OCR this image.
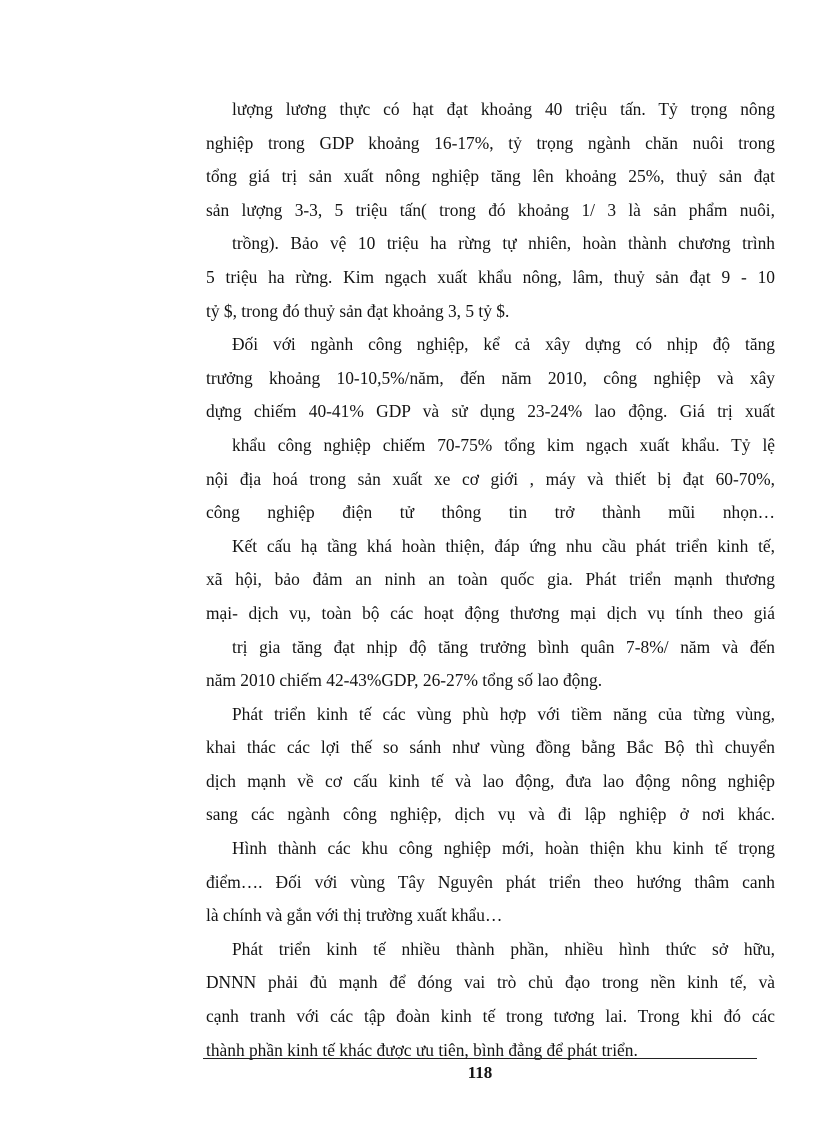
lượng lương thực có hạt đạt khoảng 40 triệu tấn. Tỷ trọng nông
nghiệp trong GDP khoảng 16-17%, tỷ trọng ngành chăn nuôi trong
tổng giá trị sản xuất nông nghiệp tăng lên khoảng 25%, thuỷ sản đạt
sản lượng 3-3, 5 triệu tấn( trong đó khoảng 1/ 3 là sản phẩm nuôi,
trồng). Bảo vệ 10 triệu ha rừng tự nhiên, hoàn thành chương trình
5 triệu ha rừng. Kim ngạch xuất khẩu nông, lâm, thuỷ sản đạt 9 - 10
tỷ $, trong đó thuỷ sản đạt khoảng 3, 5 tỷ $.
Đối với ngành công nghiệp, kể cả xây dựng có nhịp độ tăng
trưởng khoảng 10-10,5%/năm, đến năm 2010, công nghiệp và xây
dựng chiếm 40-41% GDP và sử dụng 23-24% lao động. Giá trị xuất
khẩu công nghiệp chiếm 70-75% tổng kim ngạch xuất khẩu. Tỷ lệ
nội địa hoá trong sản xuất xe cơ giới , máy và thiết bị đạt 60-70%,
công nghiệp điện tử thông tin trở thành mũi nhọn…
Kết cấu hạ tầng khá hoàn thiện, đáp ứng nhu cầu phát triển kinh tế,
xã hội, bảo đảm an ninh an toàn quốc gia. Phát triển mạnh thương
mại- dịch vụ, toàn bộ các hoạt động thương mại dịch vụ tính theo giá
trị gia tăng đạt nhịp độ tăng trưởng bình quân 7-8%/ năm và đến
năm 2010 chiếm 42-43%GDP, 26-27% tổng số lao động.
Phát triển kinh tế các vùng phù hợp với tiềm năng của từng vùng,
khai thác các lợi thế so sánh như vùng đồng bằng Bắc Bộ thì chuyển
dịch mạnh về cơ cấu kinh tế và lao động, đưa lao động nông nghiệp
sang các ngành công nghiệp, dịch vụ và đi lập nghiệp ở nơi khác.
Hình thành các khu công nghiệp mới, hoàn thiện khu kinh tế trọng
điểm…. Đối với vùng Tây Nguyên phát triển theo hướng thâm canh
là chính và gắn với thị trường xuất khẩu…
Phát triển kinh tế nhiều thành phần, nhiều hình thức sở hữu,
DNNN phải đủ mạnh để đóng vai trò chủ đạo trong nền kinh tế, và
cạnh tranh với các tập đoàn kinh tế trong tương lai. Trong khi đó các
thành phần kinh tế khác được ưu tiên, bình đẳng để phát triển.
118
